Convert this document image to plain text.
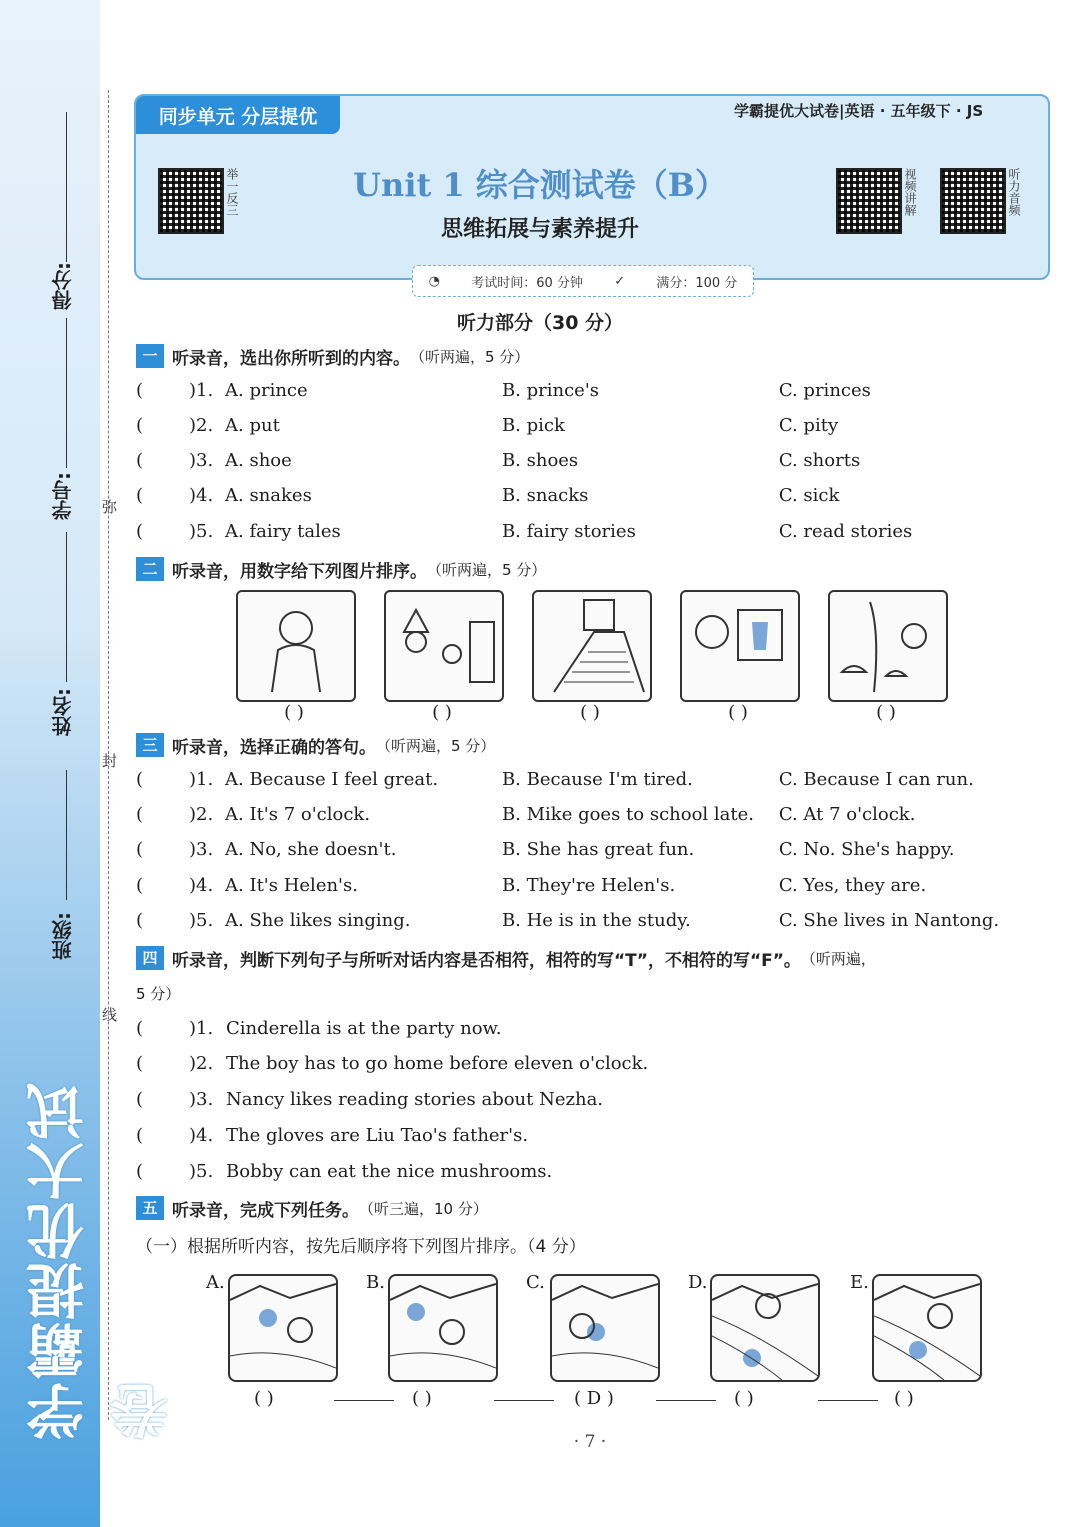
学霸提优大试卷
弥
封
线
得分:
学号:
姓名:
班级:
同步单元 分层提优	学霸提优大试卷|英语 · 五年级下 · JS
举一反三	Unit 1 综合测试卷（B）
思维拓展与素养提升
视频讲解	听力音频
◔ 考试时间：60 分钟 ✓ 满分：100 分
听力部分（30 分）
一 听录音，选出你所听到的内容。 （听两遍，5 分）
(	)1. A. prince	B. prince's	C. princes
(	)2. A. put	B. pick	C. pity
(	)3. A. shoe	B. shoes	C. shorts
(	)4. A. snakes	B. snacks	C. sick
(	)5. A. fairy tales	B. fairy stories	C. read stories
二 听录音，用数字给下列图片排序。 （听两遍，5 分）
( )	( )	( )	( )	( )
三 听录音，选择正确的答句。 （听两遍，5 分）
(	)1. A. Because I feel great.	B. Because I'm tired.	C. Because I can run.
(	)2. A. It's 7 o'clock.	B. Mike goes to school late.	C. At 7 o'clock.
(	)3. A. No, she doesn't.	B. She has great fun.	C. No. She's happy.
(	)4. A. It's Helen's.	B. They're Helen's.	C. Yes, they are.
(	)5. A. She likes singing.	B. He is in the study.	C. She lives in Nantong.
四 听录音，判断下列句子与所听对话内容是否相符，相符的写“T”，不相符的写“F”。 （听两遍，
5 分）
(	)1. Cinderella is at the party now.
(	)2. The boy has to go home before eleven o'clock.
(	)3. Nancy likes reading stories about Nezha.
(	)4. The gloves are Liu Tao's father's.
(	)5. Bobby can eat the nice mushrooms.
五 听录音，完成下列任务。 （听三遍，10 分）
（一）根据所听内容，按先后顺序将下列图片排序。（4 分）
A.	B.	C.	D.	E.
( )	( )	( D )	( )	( )
· 7 ·
